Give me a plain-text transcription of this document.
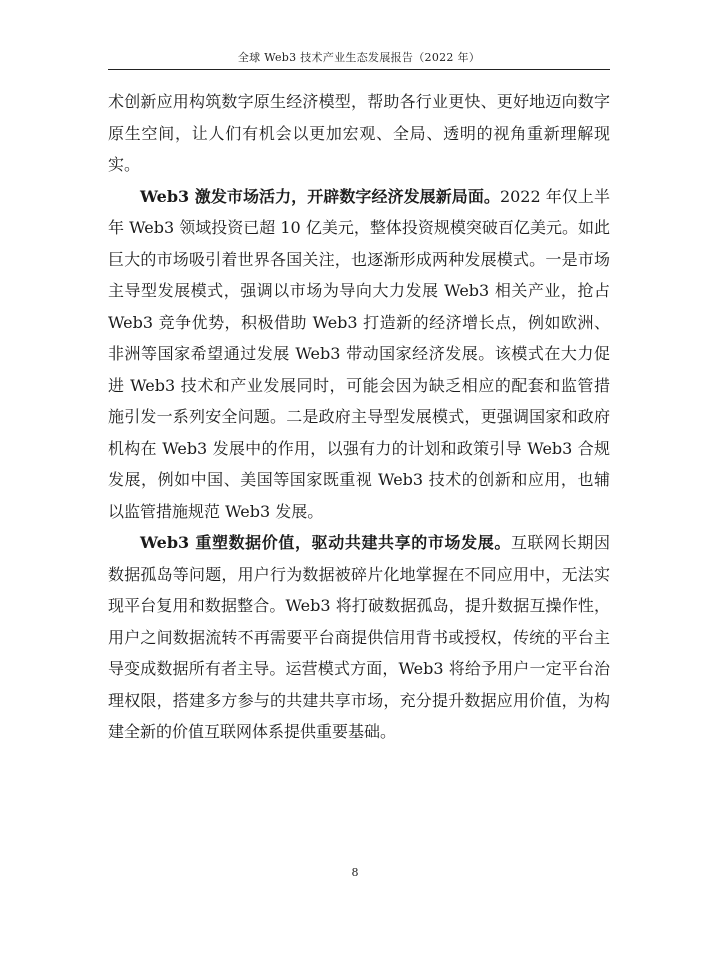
全球 Web3 技术产业生态发展报告（2022 年）

术创新应用构筑数字原生经济模型，帮助各行业更快、更好地迈向数字原生空间，让人们有机会以更加宏观、全局、透明的视角重新理解现实。

Web3 激发市场活力，开辟数字经济发展新局面。2022 年仅上半年 Web3 领域投资已超 10 亿美元，整体投资规模突破百亿美元。如此巨大的市场吸引着世界各国关注，也逐渐形成两种发展模式。一是市场主导型发展模式，强调以市场为导向大力发展 Web3 相关产业，抢占 Web3 竞争优势，积极借助 Web3 打造新的经济增长点，例如欧洲、非洲等国家希望通过发展 Web3 带动国家经济发展。该模式在大力促进 Web3 技术和产业发展同时，可能会因为缺乏相应的配套和监管措施引发一系列安全问题。二是政府主导型发展模式，更强调国家和政府机构在 Web3 发展中的作用，以强有力的计划和政策引导 Web3 合规发展，例如中国、美国等国家既重视 Web3 技术的创新和应用，也辅以监管措施规范 Web3 发展。

Web3 重塑数据价值，驱动共建共享的市场发展。互联网长期因数据孤岛等问题，用户行为数据被碎片化地掌握在不同应用中，无法实现平台复用和数据整合。Web3 将打破数据孤岛，提升数据互操作性，用户之间数据流转不再需要平台商提供信用背书或授权，传统的平台主导变成数据所有者主导。运营模式方面，Web3 将给予用户一定平台治理权限，搭建多方参与的共建共享市场，充分提升数据应用价值，为构建全新的价值互联网体系提供重要基础。

8
